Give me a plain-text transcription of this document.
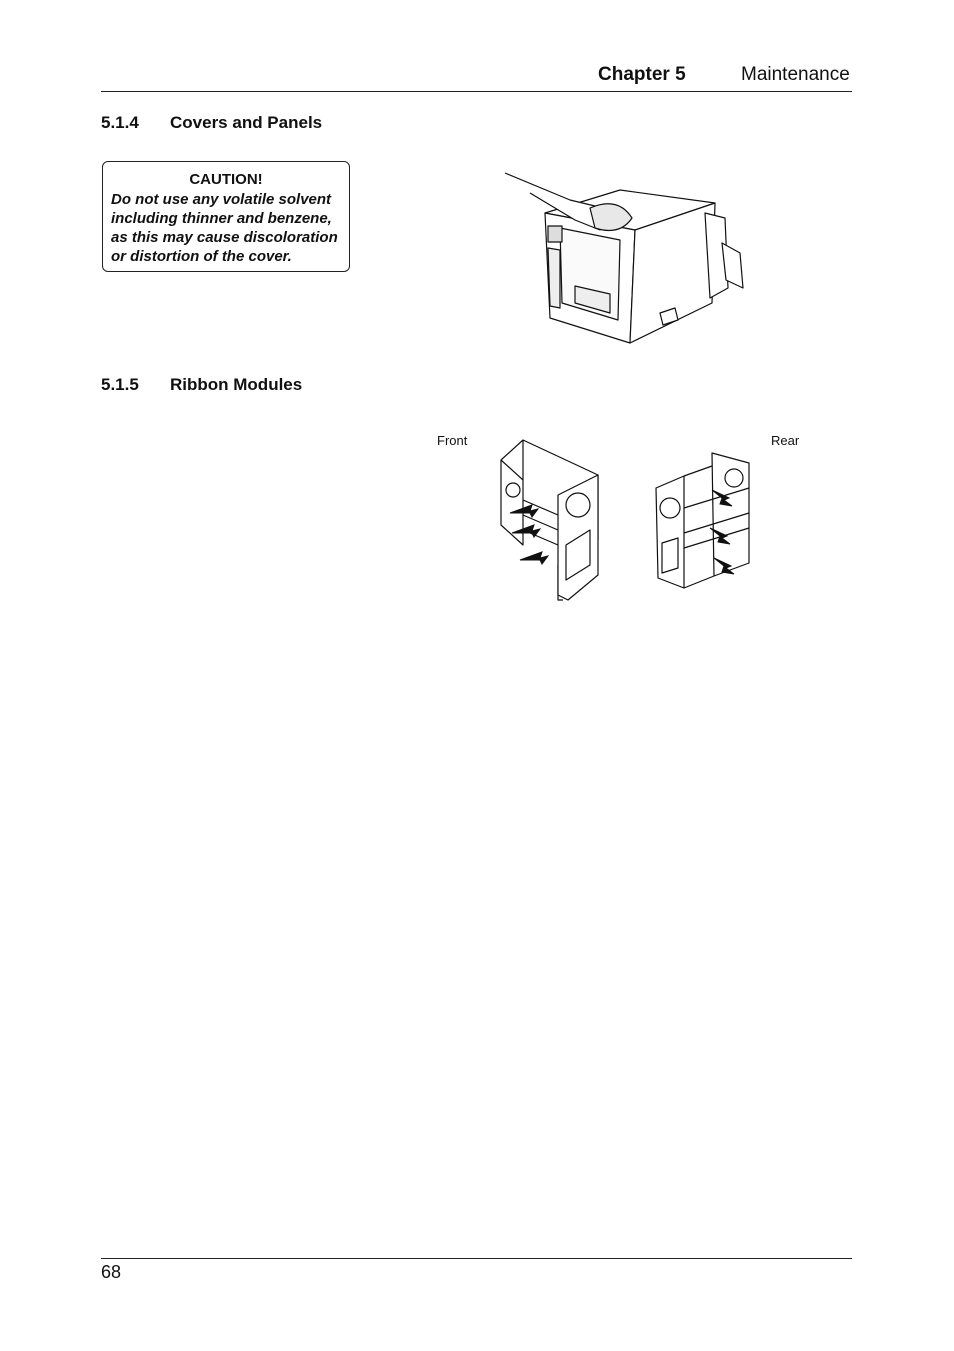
Chapter 5	Maintenance
5.1.4 Covers and Panels
CAUTION!
Do not use any volatile solvent
including thinner and benzene,
as this may cause discoloration
or distortion of the cover.
5.1.5 Ribbon Modules
Front	Rear
68
